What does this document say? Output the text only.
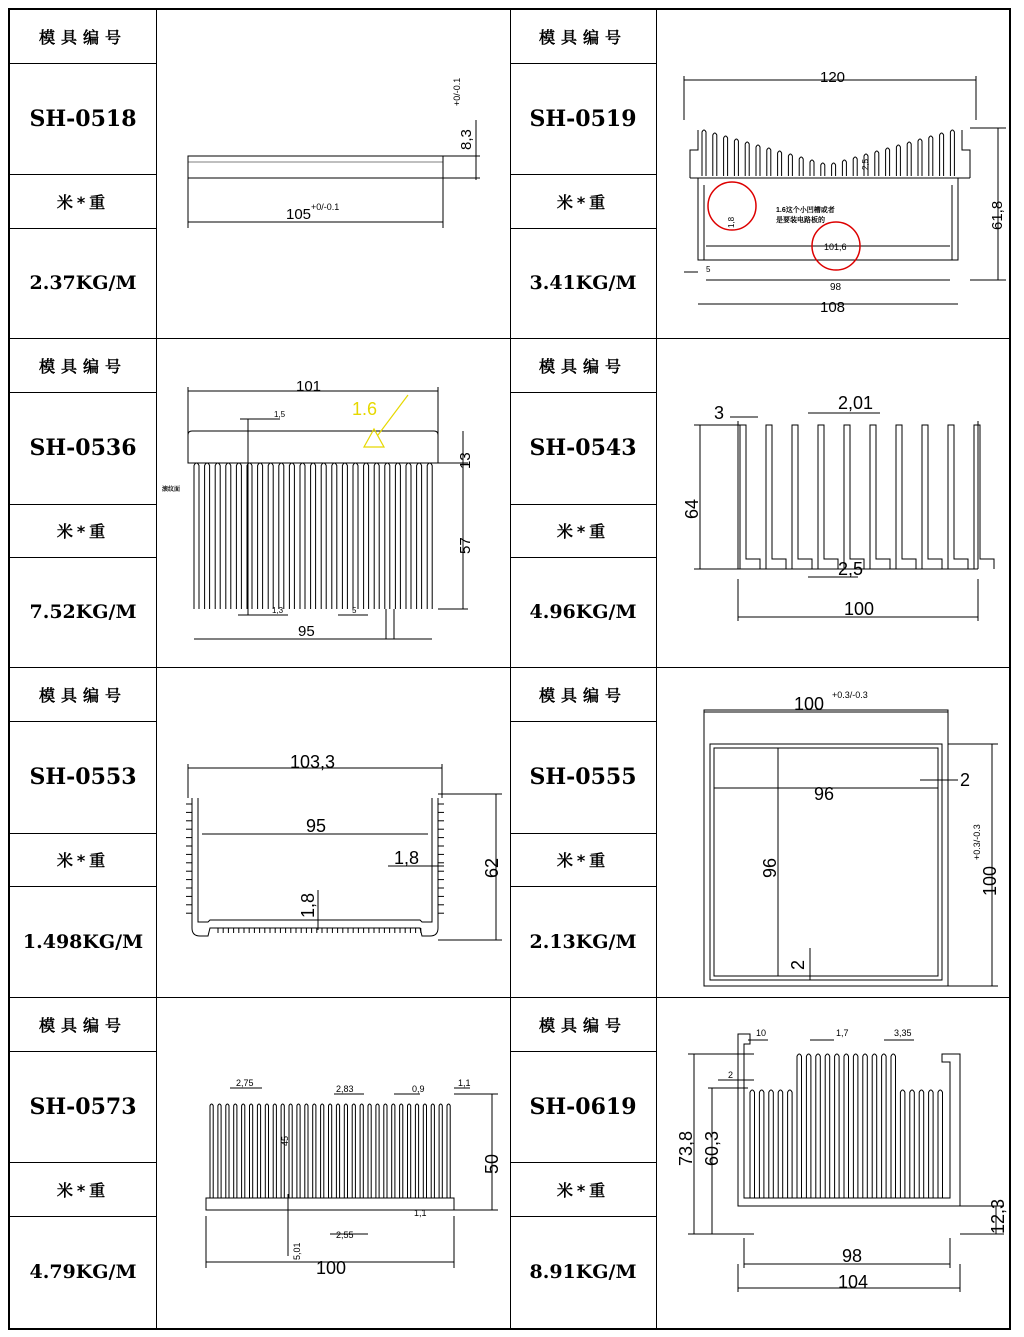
模具编号
SH-0518
米*重
2.37KG/M
模具编号
SH-0519
米*重
3.41KG/M
模具编号
SH-0536
米*重
7.52KG/M
模具编号
SH-0543
米*重
4.96KG/M
模具编号
SH-0553
米*重
1.498KG/M
模具编号
SH-0555
米*重
2.13KG/M
模具编号
SH-0573
米*重
4.79KG/M
模具编号
SH-0619
米*重
8.91KG/M
105 +0/-0.1
8,3
+0/-0.1
120
61,8
101,6
108
98
1,8
5
2,5
1.6这个小凹槽或者
是要装电路板的
1.6
101
1,5
13
57
1,3	5
95
滚纹面
3	2,01
64
2,5
100
103,3
95
1,8
1,8
62
100 +0.3/-0.3
96
96
2
2
100
+0.3/-0.3
2,75
2,83	0,9
1,1
45
50
1,1
2,55
5,01
100
10	1,7	3,35
2
73,8 60,3
12,3
98
104
